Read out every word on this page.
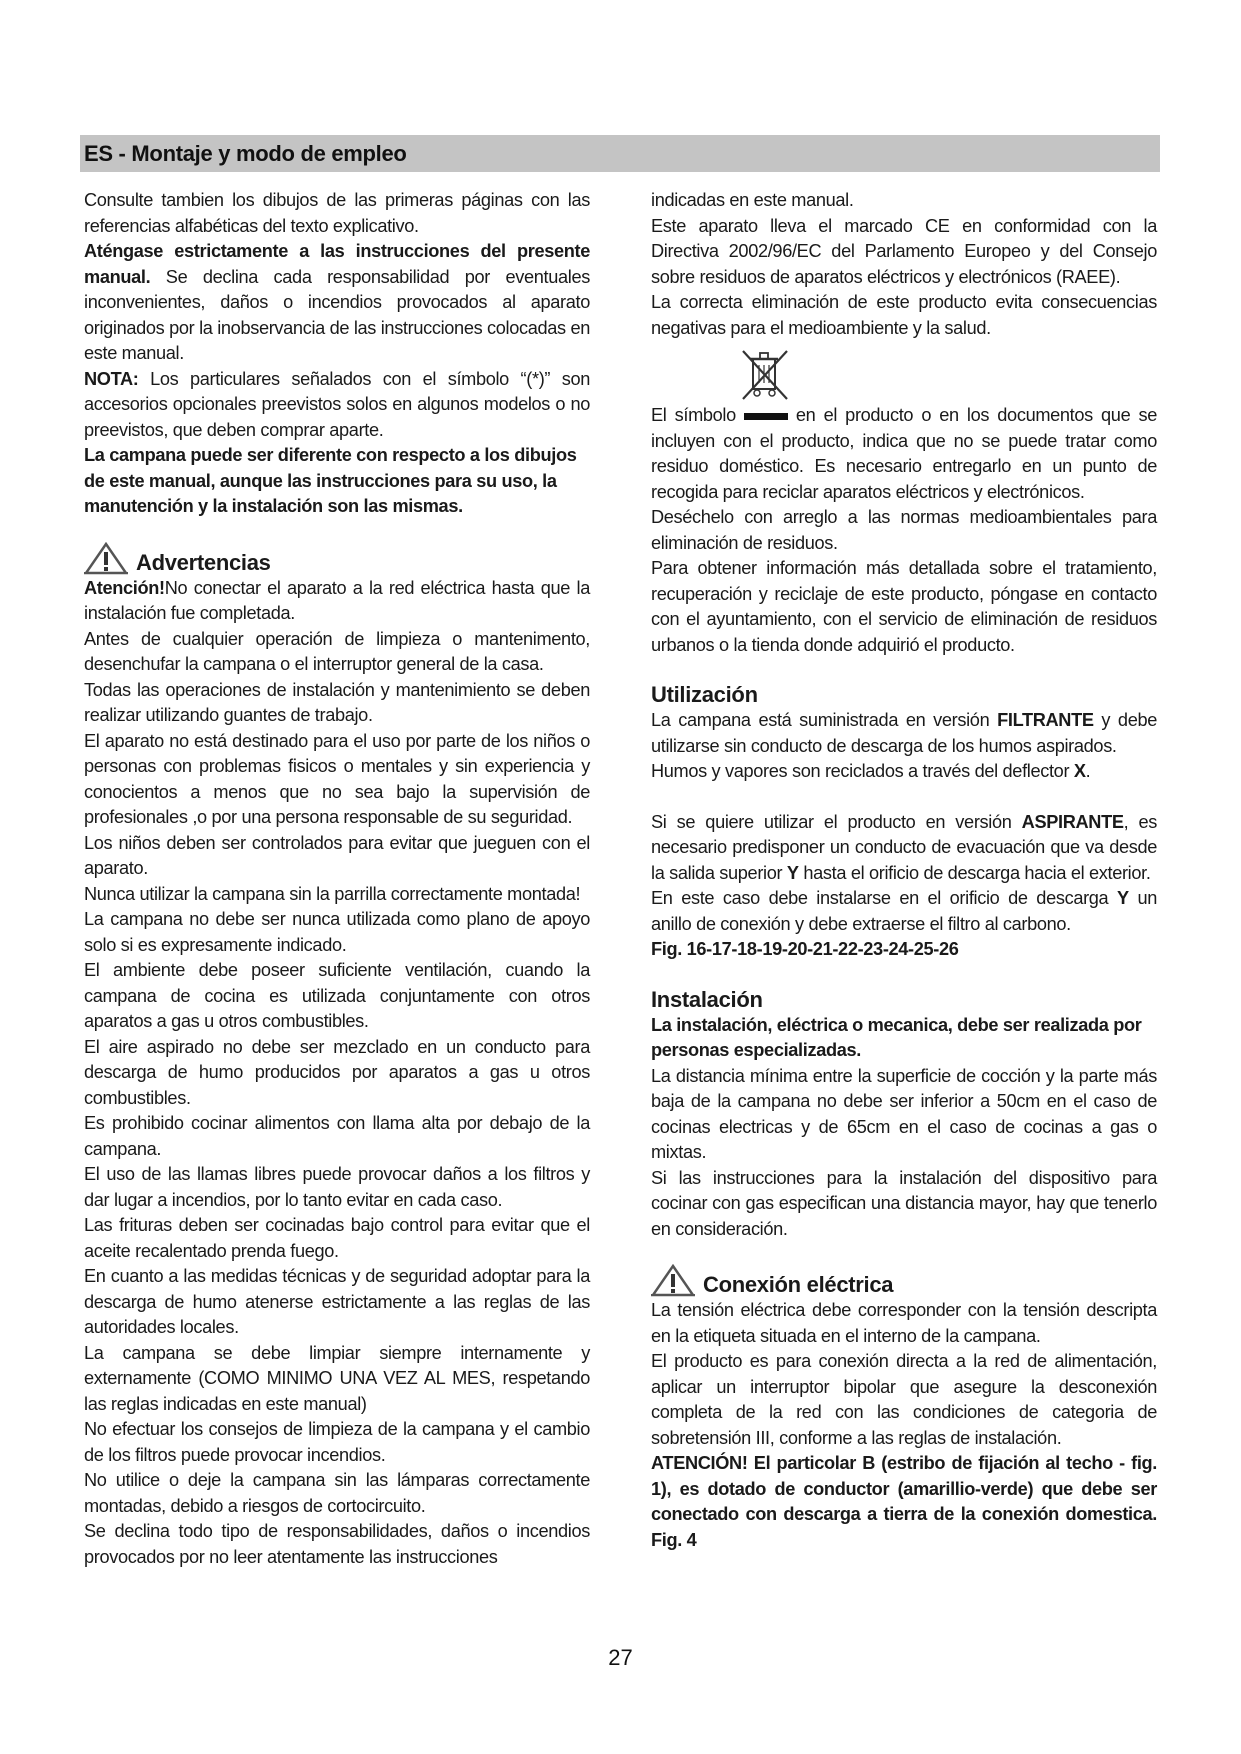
ES - Montaje y modo de empleo

Consulte tambien los dibujos de las primeras páginas con las referencias alfabéticas del texto explicativo.

Aténgase estrictamente a las instrucciones del presente manual. Se declina cada responsabilidad por eventuales inconvenientes, daños o incendios provocados al aparato originados por la inobservancia de las instrucciones colocadas en este manual.

NOTA: Los particulares señalados con el símbolo “(*)” son accesorios opcionales preevistos solos en algunos modelos o no preevistos, que deben comprar aparte.

La campana puede ser diferente con respecto a los dibujos de este manual, aunque las instrucciones para su uso, la manutención y la instalación son las mismas.

Advertencias

Atención!No conectar el aparato a la red eléctrica hasta que la instalación fue completada.

Antes de cualquier operación de limpieza o mantenimento, desenchufar la campana o el interruptor general de la casa.

Todas las operaciones de instalación y mantenimiento se deben realizar utilizando guantes de trabajo.

El aparato no está destinado para el uso por parte de los niños o personas con problemas fisicos o mentales y sin experiencia y conocientos a menos que no sea bajo la supervisión de profesionales ,o por una persona responsable de su seguridad.

Los niños deben ser controlados para evitar que jueguen con el aparato.

Nunca utilizar la campana sin la parrilla correctamente montada!

La campana no debe ser nunca utilizada como plano de apoyo solo si es expresamente indicado.

El ambiente debe poseer suficiente ventilación, cuando la campana de cocina es utilizada conjuntamente con otros aparatos a gas u otros combustibles.

El aire aspirado no debe ser mezclado en un conducto para descarga de humo producidos por aparatos a gas u otros combustibles.

Es prohibido cocinar alimentos con llama alta por debajo de la campana.

El uso de las llamas libres puede provocar daños a los filtros y dar lugar a incendios, por lo tanto evitar en cada caso.

Las frituras deben ser cocinadas bajo control para evitar que el aceite recalentado prenda fuego.

En cuanto a las medidas técnicas y de seguridad adoptar para la descarga de humo atenerse estrictamente a las reglas de las autoridades locales.

La campana se debe limpiar siempre internamente y externamente (COMO MINIMO UNA VEZ AL MES, respetando las reglas indicadas en este manual)

No efectuar los consejos de limpieza de la campana y el cambio de los filtros puede provocar incendios.

No utilice o deje la campana sin las lámparas correctamente montadas, debido a riesgos de cortocircuito.

Se declina todo tipo de responsabilidades, daños o incendios provocados por no leer atentamente las instrucciones

indicadas en este manual.

Este aparato lleva el marcado CE en conformidad con la Directiva 2002/96/EC del Parlamento Europeo y del Consejo sobre residuos de aparatos eléctricos y electrónicos (RAEE).

La correcta eliminación de este producto evita consecuencias negativas para el medioambiente y la salud.

El símbolo	en el producto o en los documentos que se incluyen con el producto, indica que no se puede tratar como residuo doméstico. Es necesario entregarlo en un punto de recogida para reciclar aparatos eléctricos y electrónicos.

Deséchelo con arreglo a las normas medioambientales para eliminación de residuos.

Para obtener información más detallada sobre el tratamiento, recuperación y reciclaje de este producto, póngase en contacto con el ayuntamiento, con el servicio de eliminación de residuos urbanos o la tienda donde adquirió el producto.

Utilización

La campana está suministrada en versión FILTRANTE y debe utilizarse sin conducto de descarga de los humos aspirados.

Humos y vapores son reciclados a través del deflector X.

Si se quiere utilizar el producto en versión ASPIRANTE, es necesario predisponer un conducto de evacuación que va desde la salida superior Y hasta el orificio de descarga hacia el exterior.

En este caso debe instalarse en el orificio de descarga Y un anillo de conexión y debe extraerse el filtro al carbono.

Fig. 16-17-18-19-20-21-22-23-24-25-26

Instalación

La instalación, eléctrica o mecanica, debe ser realizada por personas especializadas.

La distancia mínima entre la superficie de cocción y la parte más baja de la campana no debe ser inferior a 50cm en el caso de cocinas electricas y de 65cm en el caso de cocinas a gas o mixtas.

Si las instrucciones para la instalación del dispositivo para cocinar con gas especifican una distancia mayor, hay que tenerlo en consideración.

Conexión eléctrica

La tensión eléctrica debe corresponder con la tensión descripta en la etiqueta situada en el interno de la campana.

El producto es para conexión directa a la red de alimentación, aplicar un interruptor bipolar que asegure la desconexión completa de la red con las condiciones de categoria de sobretensión III, conforme a las reglas de instalación.

ATENCIÓN! El particolar B (estribo de fijación al techo - fig. 1), es dotado de conductor (amarillio-verde) que debe ser conectado con descarga a tierra de la conexión domestica. Fig. 4

27
